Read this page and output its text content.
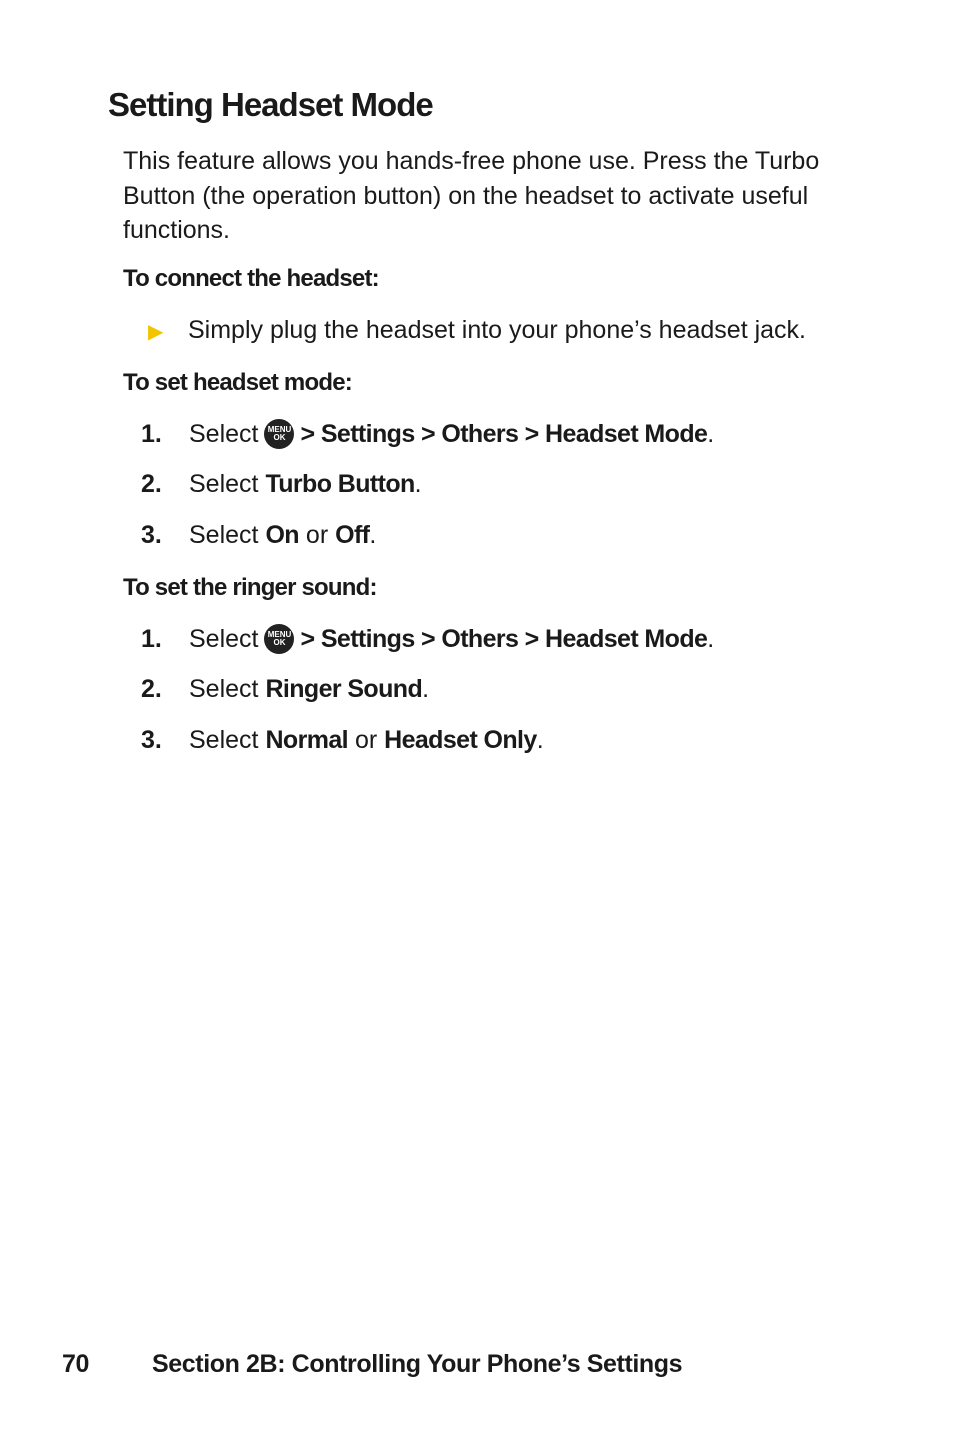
Setting Headset Mode

This feature allows you hands-free phone use. Press the Turbo Button (the operation button) on the headset to activate useful functions.

To connect the headset:

▶ Simply plug the headset into your phone’s headset jack.

To set headset mode:

1.	Select MENU
OK > Settings > Others > Headset Mode .
2.	Select
Turbo Button .
3.	Select
On
or
Off .

To set the ringer sound:

1.	Select MENU
OK > Settings > Others > Headset Mode .
2.	Select
Ringer Sound .
3.	Select
Normal
or
Headset Only .
70	Section 2B: Controlling Your Phone’s Settings
